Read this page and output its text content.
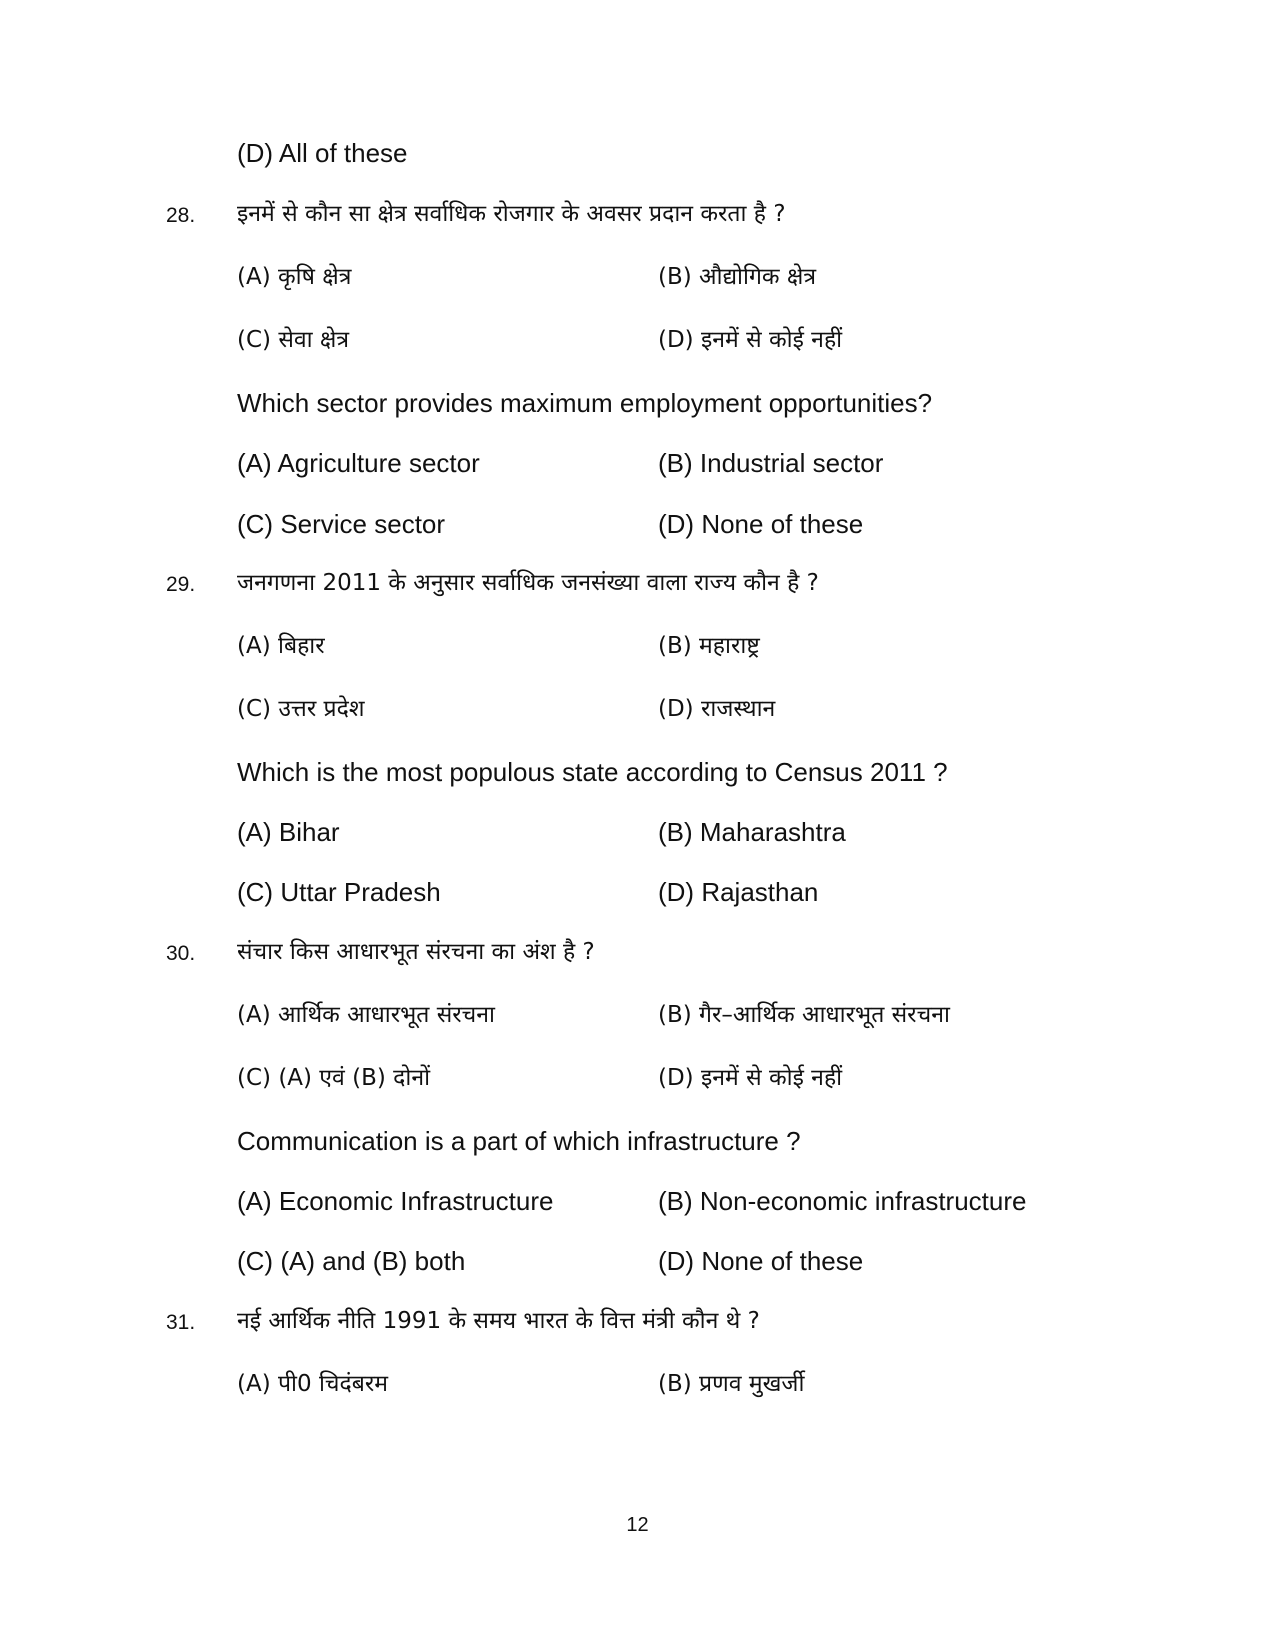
(D) All of these
28. इनमें से कौन सा क्षेत्र सर्वाधिक रोजगार के अवसर प्रदान करता है ?
(A) कृषि क्षेत्र	(B) औद्योगिक क्षेत्र
(C) सेवा क्षेत्र	(D) इनमें से कोई नहीं
Which sector provides maximum employment opportunities?
(A) Agriculture sector	(B) Industrial sector
(C) Service sector	(D) None of these
29. जनगणना 2011 के अनुसार सर्वाधिक जनसंख्या वाला राज्य कौन है ?
(A) बिहार	(B) महाराष्ट्र
(C) उत्तर प्रदेश	(D) राजस्थान
Which is the most populous state according to Census 2011 ?
(A) Bihar	(B) Maharashtra
(C) Uttar Pradesh	(D) Rajasthan
30. संचार किस आधारभूत संरचना का अंश है ?
(A) आर्थिक आधारभूत संरचना	(B) गैर–आर्थिक आधारभूत संरचना
(C) (A) एवं (B) दोनों	(D) इनमें से कोई नहीं
Communication is a part of which infrastructure ?
(A) Economic Infrastructure	(B) Non-economic infrastructure
(C) (A) and (B) both	(D) None of these
31. नई आर्थिक नीति 1991 के समय भारत के वित्त मंत्री कौन थे ?
(A) पी0 चिदंबरम	(B) प्रणव मुखर्जी
12
